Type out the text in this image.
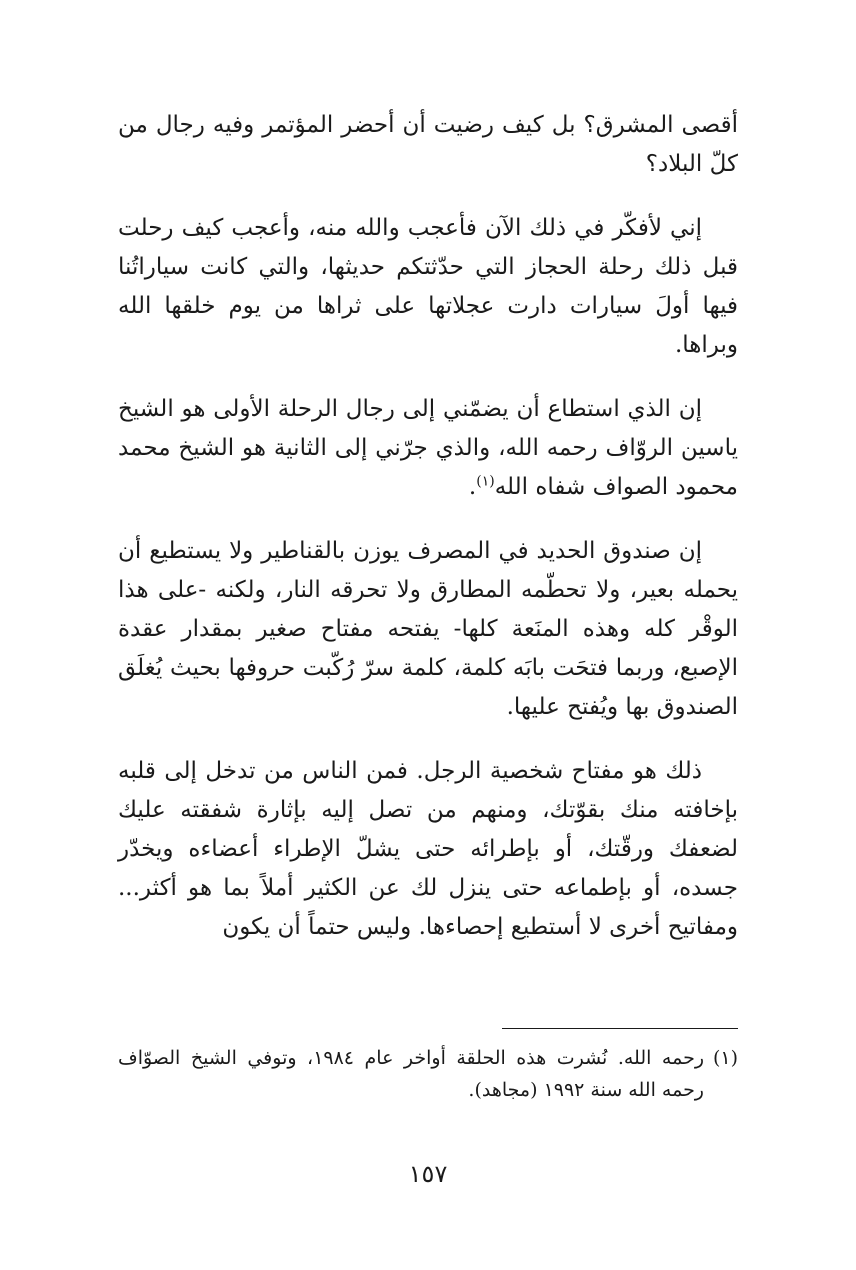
أقصى المشرق؟ بل كيف رضيت أن أحضر المؤتمر وفيه رجال من كلّ البلاد؟

إني لأفكّر في ذلك الآن فأعجب والله منه، وأعجب كيف رحلت قبل ذلك رحلة الحجاز التي حدّثتكم حديثها، والتي كانت سياراتُنا فيها أولَ سيارات دارت عجلاتها على ثراها من يوم خلقها الله وبراها.

إن الذي استطاع أن يضمّني إلى رجال الرحلة الأولى هو الشيخ ياسين الروّاف رحمه الله، والذي جرّني إلى الثانية هو الشيخ محمد محمود الصواف شفاه الله$^{(١)}$.

إن صندوق الحديد في المصرف يوزن بالقناطير ولا يستطيع أن يحمله بعير، ولا تحطّمه المطارق ولا تحرقه النار، ولكنه -على هذا الوقْر كله وهذه المنَعة كلها- يفتحه مفتاح صغير بمقدار عقدة الإصبع، وربما فتحَت بابَه كلمة، كلمة سرّ رُكّبت حروفها بحيث يُغلَق الصندوق بها ويُفتح عليها.

ذلك هو مفتاح شخصية الرجل. فمن الناس من تدخل إلى قلبه بإخافته منك بقوّتك، ومنهم من تصل إليه بإثارة شفقته عليك لضعفك ورقّتك، أو بإطرائه حتى يشلّ الإطراء أعضاءه ويخدّر جسده، أو بإطماعه حتى ينزل لك عن الكثير أملاً بما هو أكثر... ومفاتيح أخرى لا أستطيع إحصاءها. وليس حتماً أن يكون

(١)
رحمه الله. نُشرت هذه الحلقة أواخر عام ١٩٨٤، وتوفي الشيخ الصوّاف رحمه الله سنة ١٩٩٢ (مجاهد).

١٥٧
